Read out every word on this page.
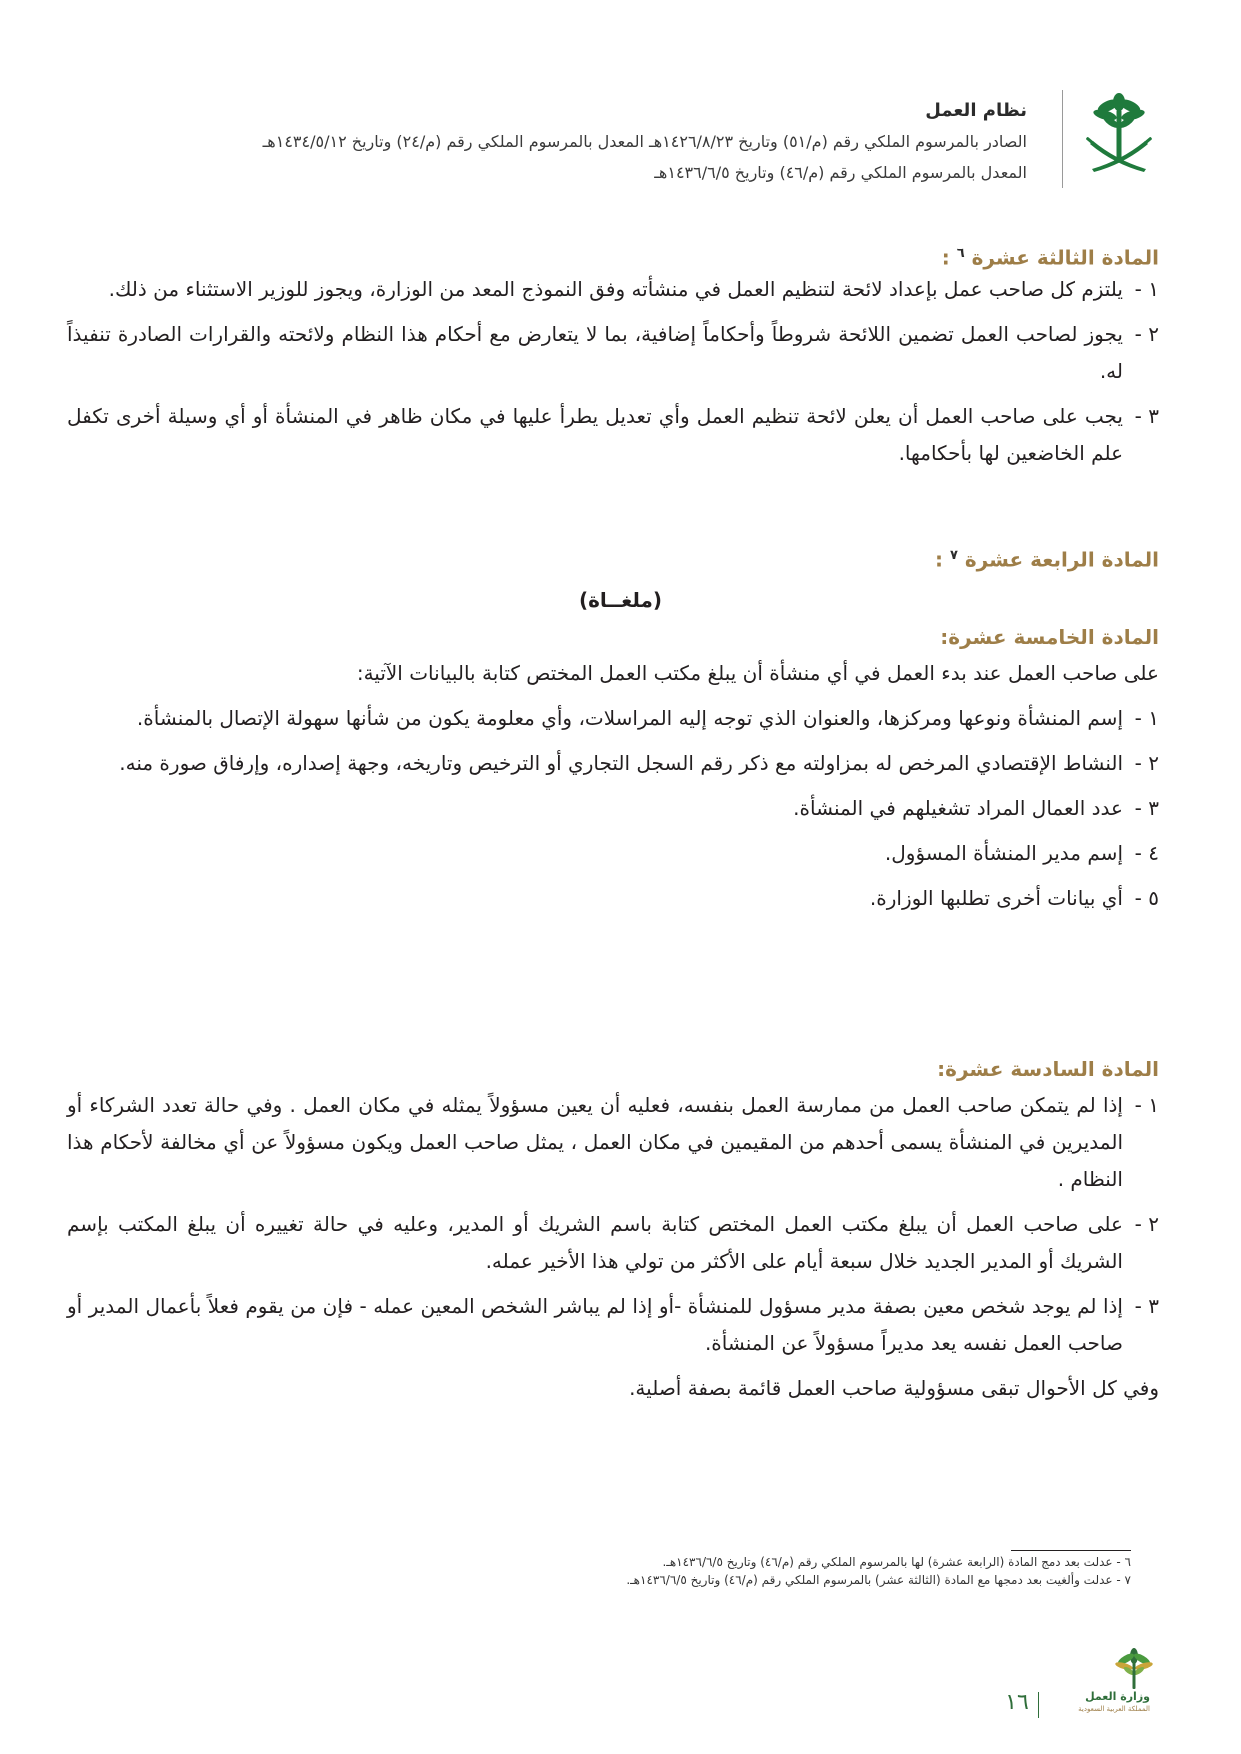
نظام العمل
الصادر بالمرسوم الملكي رقم (م/٥١) وتاريخ ١٤٢٦/٨/٢٣هـ المعدل بالمرسوم الملكي رقم (م/٢٤) وتاريخ ١٤٣٤/٥/١٢هـ
المعدل بالمرسوم الملكي رقم (م/٤٦) وتاريخ ١٤٣٦/٦/٥هـ
المادة الثالثة عشرة $^٦$ :
١ -
يلتزم كل صاحب عمل بإعداد لائحة لتنظيم العمل في منشأته وفق النموذج المعد من الوزارة، ويجوز للوزير الاستثناء من ذلك.
٢ -
يجوز لصاحب العمل تضمين اللائحة شروطاً وأحكاماً إضافية، بما لا يتعارض مع أحكام هذا النظام ولائحته والقرارات الصادرة تنفيذاً له.
٣ -
يجب على صاحب العمل أن يعلن لائحة تنظيم العمل وأي تعديل يطرأ عليها في مكان ظاهر في المنشأة أو أي وسيلة أخرى تكفل علم الخاضعين لها بأحكامها.
المادة الرابعة عشرة $^٧$ :
(ملغــاة)
المادة الخامسة عشرة:
على صاحب العمل عند بدء العمل في أي منشأة أن يبلغ مكتب العمل المختص كتابة بالبيانات الآتية:
١ -
إسم المنشأة ونوعها ومركزها، والعنوان الذي توجه إليه المراسلات، وأي معلومة يكون من شأنها سهولة الإتصال بالمنشأة.
٢ -
النشاط الإقتصادي المرخص له بمزاولته مع ذكر رقم السجل التجاري أو الترخيص وتاريخه، وجهة إصداره، وإرفاق صورة منه.
٣ -
عدد العمال المراد تشغيلهم في المنشأة.
٤ -
إسم مدير المنشأة المسؤول.
٥ -
أي بيانات أخرى تطلبها الوزارة.
المادة السادسة عشرة:
١ -
إذا لم يتمكن صاحب العمل من ممارسة العمل بنفسه، فعليه أن يعين مسؤولاً يمثله في مكان العمل . وفي حالة تعدد الشركاء أو المديرين في المنشأة يسمى أحدهم من المقيمين في مكان العمل ، يمثل صاحب العمل ويكون مسؤولاً عن أي مخالفة لأحكام هذا النظام .
٢ -
على صاحب العمل أن يبلغ مكتب العمل المختص كتابة باسم الشريك أو المدير، وعليه في حالة تغييره أن يبلغ المكتب بإسم الشريك أو المدير الجديد خلال سبعة أيام على الأكثر من تولي هذا الأخير عمله.
٣ -
إذا لم يوجد شخص معين بصفة مدير مسؤول للمنشأة -أو إذا لم يباشر الشخص المعين عمله - فإن من يقوم فعلاً بأعمال المدير أو صاحب العمل نفسه يعد مديراً مسؤولاً عن المنشأة.
وفي كل الأحوال تبقى مسؤولية صاحب العمل قائمة بصفة أصلية.
٦ - عدلت بعد دمج المادة (الرابعة عشرة) لها بالمرسوم الملكي رقم (م/٤٦) وتاريخ ١٤٣٦/٦/٥هـ.
٧ - عدلت وألغيت بعد دمجها مع المادة (الثالثة عشر) بالمرسوم الملكي رقم (م/٤٦) وتاريخ ١٤٣٦/٦/٥هـ.
وزارة العمل
المملكة العربية السعودية
١٦
